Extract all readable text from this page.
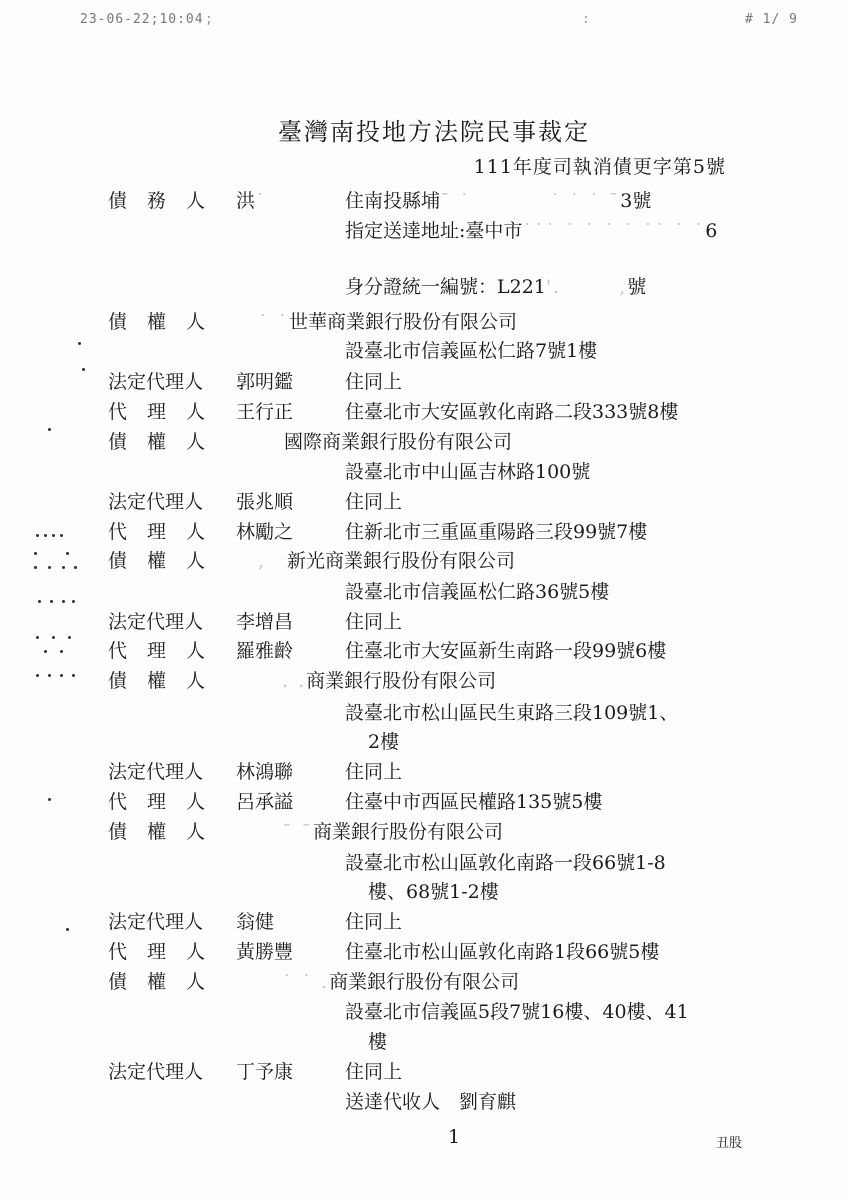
23-06-22;10:04 ;	:	# 1/ 9
臺灣南投地方法院民事裁定
111年度司執消債更字第5號
債務人 洪˙	住南投縣埔¯ ˙ 　　　 ˙ ˙ ˙ ¯3號
指定送達地址:臺中市˙˙˙ ˙ ˙ ˙ ˙ ˙˙ ˙ ˙6
身分證統一編號：L221'. 　　 ,號
債權人 ˙ ˙世華商業銀行股份有限公司
設臺北市信義區松仁路7號1樓
法定代理人 郭明鑑	住同上
代理人 王行正	住臺北市大安區敦化南路二段333號8樓
債權人	國際商業銀行股份有限公司
設臺北市中山區吉林路100號
法定代理人 張兆順	住同上
代理人 林勵之	住新北市三重區重陽路三段99號7樓
債權人 ,　新光商業銀行股份有限公司
設臺北市信義區松仁路36號5樓
法定代理人 李增昌	住同上
代理人 羅雅齡	住臺北市大安區新生南路一段99號6樓
債權人	. .商業銀行股份有限公司
設臺北市松山區民生東路三段109號1、
2樓
法定代理人 林鴻聯	住同上
代理人 呂承謚	住臺中市西區民權路135號5樓
債權人	¯ ¯商業銀行股份有限公司
設臺北市松山區敦化南路一段66號1-8
樓、68號1-2樓
法定代理人 翁健	住同上
代理人 黃勝豐	住臺北市松山區敦化南路1段66號5樓
債權人	˙ ˙ .商業銀行股份有限公司
設臺北市信義區5段7號16樓、40樓、41
樓
法定代理人 丁予康	住同上
送達代收人　劉育麒
1	丑股
